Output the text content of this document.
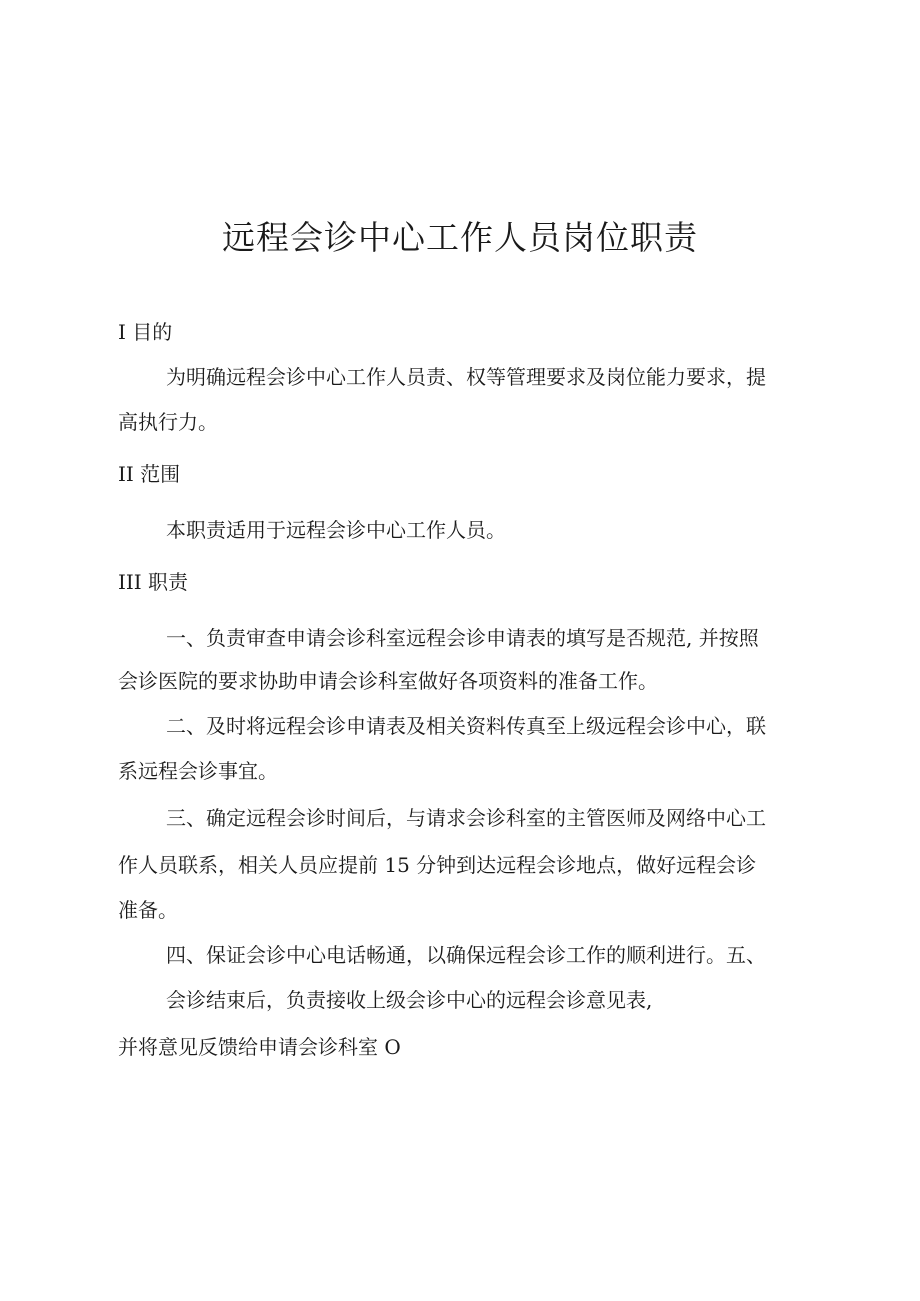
远程会诊中心工作人员岗位职责
I 目的
为明确远程会诊中心工作人员责、权等管理要求及岗位能力要求，提
高执行力。
II 范围
本职责适用于远程会诊中心工作人员。
III 职责
一、负责审查申请会诊科室远程会诊申请表的填写是否规范, 并按照
会诊医院的要求协助申请会诊科室做好各项资料的准备工作。
二、及时将远程会诊申请表及相关资料传真至上级远程会诊中心，联
系远程会诊事宜。
三、确定远程会诊时间后，与请求会诊科室的主管医师及网络中心工
作人员联系，相关人员应提前 15 分钟到达远程会诊地点，做好远程会诊
准备。
四、保证会诊中心电话畅通，以确保远程会诊工作的顺利进行。五、
会诊结束后，负责接收上级会诊中心的远程会诊意见表,
并将意见反馈给申请会诊科室 O
